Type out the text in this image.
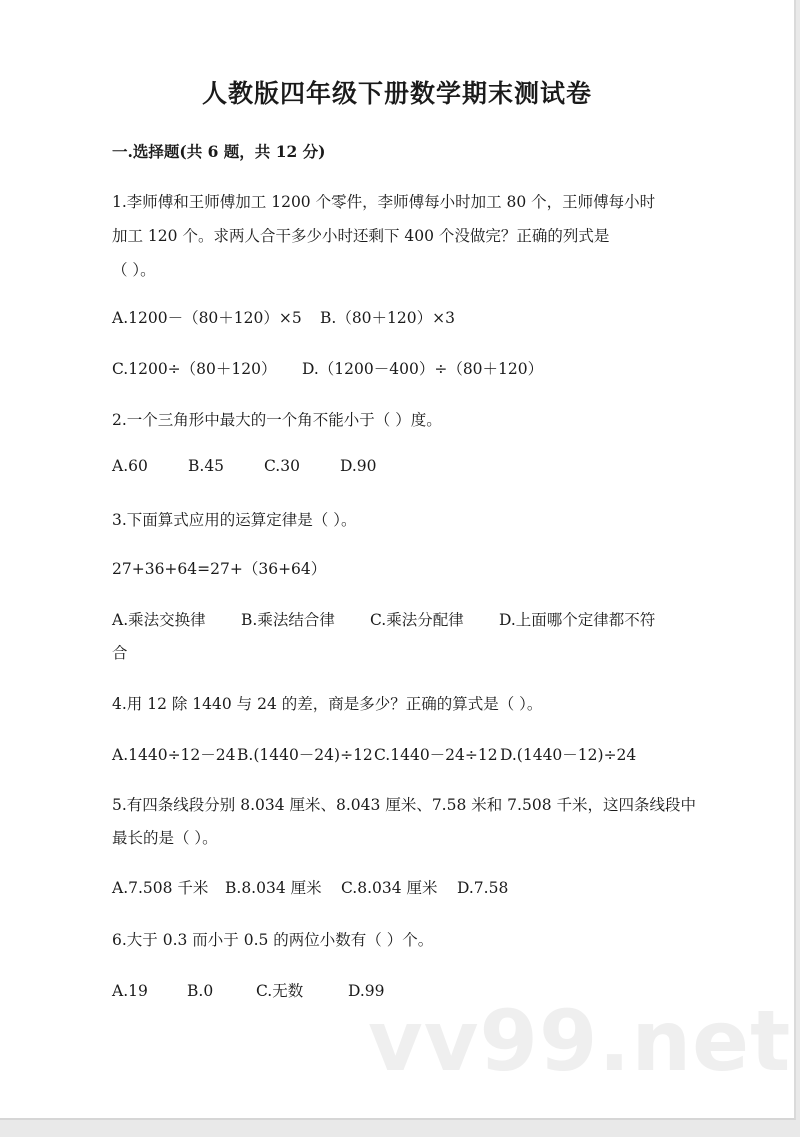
人教版四年级下册数学期末测试卷
一.选择题(共 6 题，共 12 分)
1.李师傅和王师傅加工 1200 个零件，李师傅每小时加工 80 个，王师傅每小时
加工 120 个。求两人合干多少小时还剩下 400 个没做完？正确的列式是
（ ）。
A.1200－（80＋120）×5 B.（80＋120）×3
C.1200÷（80＋120） D.（1200－400）÷（80＋120）
2.一个三角形中最大的一个角不能小于（ ）度。
A.60	B.45	C.30	D.90
3.下面算式应用的运算定律是（ ）。
27+36+64=27+（36+64）
A.乘法交换律 B.乘法结合律 C.乘法分配律 D.上面哪个定律都不符
合
4.用 12 除 1440 与 24 的差，商是多少？正确的算式是（ ）。
A.1440÷12－24B.(1440－24)÷12C.1440－24÷12 D.(1440－12)÷24
5.有四条线段分别 8.034 厘米、8.043 厘米、7.58 米和 7.508 千米，这四条线段中
最长的是（ ）。
A.7.508 千米 B.8.034 厘米 C.8.034 厘米 D.7.58
6.大于 0.3 而小于 0.5 的两位小数有（ ）个。
A.19	B.0	C.无数	D.99
vv99.net
